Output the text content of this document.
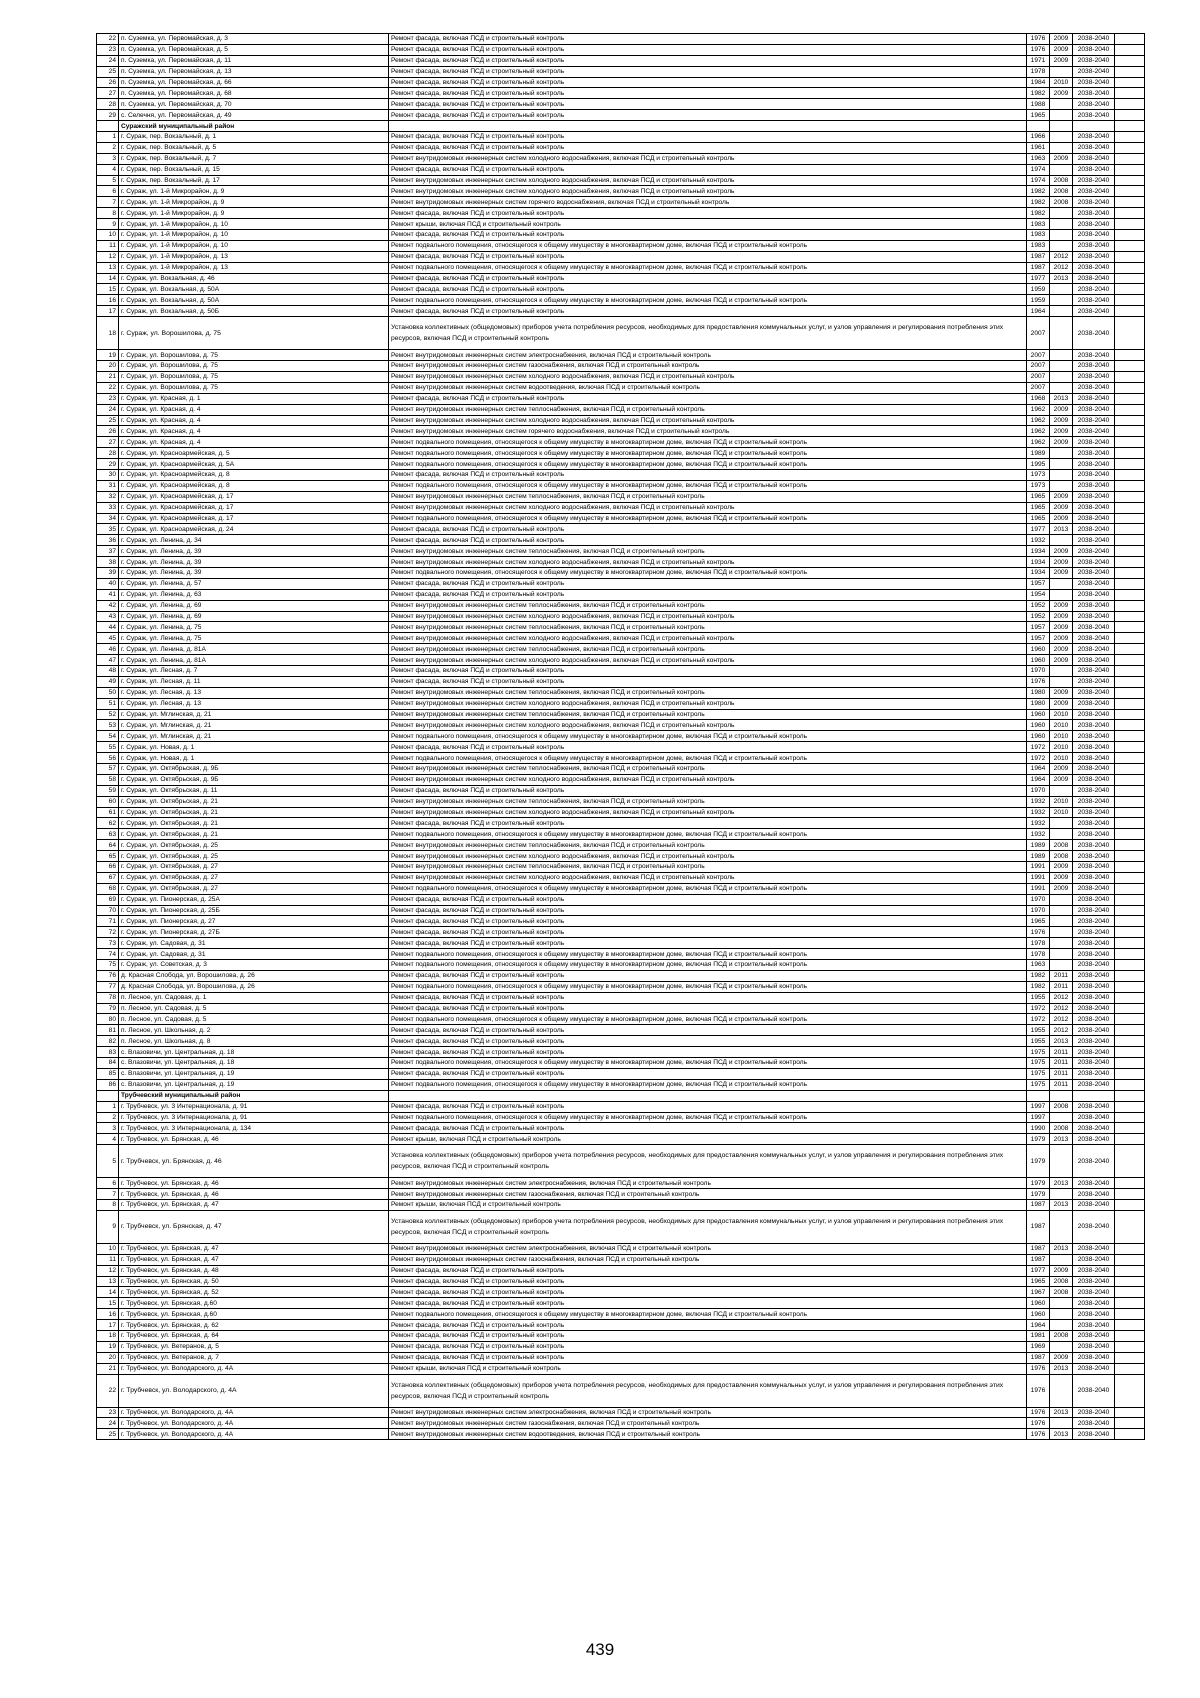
22	п. Суземка, ул. Первомайская, д. 3	Ремонт фасада, включая ПСД и строительный контроль	1976	2009	2038-2040	
23	п. Суземка, ул. Первомайская, д. 5	Ремонт фасада, включая ПСД и строительный контроль	1976	2009	2038-2040	
24	п. Суземка, ул. Первомайская, д. 11	Ремонт фасада, включая ПСД и строительный контроль	1971	2009	2038-2040	
25	п. Суземка, ул. Первомайская, д. 13	Ремонт фасада, включая ПСД и строительный контроль	1978		2038-2040	
26	п. Суземка, ул. Первомайская, д. 66	Ремонт фасада, включая ПСД и строительный контроль	1984	2010	2038-2040	
27	п. Суземка, ул. Первомайская, д. 68	Ремонт фасада, включая ПСД и строительный контроль	1982	2009	2038-2040	
28	п. Суземка, ул. Первомайская, д. 70	Ремонт фасада, включая ПСД и строительный контроль	1988		2038-2040	
29	с. Селечня, ул. Первомайская, д. 49	Ремонт фасада, включая ПСД и строительный контроль	1965		2038-2040	
	Суражский муниципальный район					
1	г. Сураж, пер. Вокзальный, д. 1	Ремонт фасада, включая ПСД и строительный контроль	1966		2038-2040	
2	г. Сураж, пер. Вокзальный, д. 5	Ремонт фасада, включая ПСД и строительный контроль	1961		2038-2040	
3	г. Сураж, пер. Вокзальный, д. 7	Ремонт внутридомовых инженерных систем холодного водоснабжения, включая ПСД и строительный контроль	1963	2009	2038-2040	
4	г. Сураж, пер. Вокзальный, д. 15	Ремонт фасада, включая ПСД и строительный контроль	1974		2038-2040	
5	г. Сураж, пер. Вокзальный, д. 17	Ремонт внутридомовых инженерных систем холодного водоснабжения, включая ПСД и строительный контроль	1974	2008	2038-2040	
6	г. Сураж, ул. 1-й Микрорайон, д. 9	Ремонт внутридомовых инженерных систем холодного водоснабжения, включая ПСД и строительный контроль	1982	2008	2038-2040	
7	г. Сураж, ул. 1-й Микрорайон, д. 9	Ремонт внутридомовых инженерных систем горячего водоснабжения, включая ПСД и строительный контроль	1982	2008	2038-2040	
8	г. Сураж, ул. 1-й Микрорайон, д. 9	Ремонт фасада, включая ПСД и строительный контроль	1982		2038-2040	
9	г. Сураж, ул. 1-й Микрорайон, д. 10	Ремонт крыши, включая ПСД и строительный контроль	1983		2038-2040	
10	г. Сураж, ул. 1-й Микрорайон, д. 10	Ремонт фасада, включая ПСД и строительный контроль	1983		2038-2040	
11	г. Сураж, ул. 1-й Микрорайон, д. 10	Ремонт подвального помещения, относящегося к общему имуществу в многоквартирном доме, включая ПСД и строительный контроль	1983		2038-2040	
12	г. Сураж, ул. 1-й Микрорайон, д. 13	Ремонт фасада, включая ПСД и строительный контроль	1987	2012	2038-2040	
13	г. Сураж, ул. 1-й Микрорайон, д. 13	Ремонт подвального помещения, относящегося к общему имуществу в многоквартирном доме, включая ПСД и строительный контроль	1987	2012	2038-2040	
14	г. Сураж, ул. Вокзальная, д. 46	Ремонт фасада, включая ПСД и строительный контроль	1977	2013	2038-2040	
15	г. Сураж, ул. Вокзальная, д. 50А	Ремонт фасада, включая ПСД и строительный контроль	1959		2038-2040	
16	г. Сураж, ул. Вокзальная, д. 50А	Ремонт подвального помещения, относящегося к общему имуществу в многоквартирном доме, включая ПСД и строительный контроль	1959		2038-2040	
17	г. Сураж, ул. Вокзальная, д. 50Б	Ремонт фасада, включая ПСД и строительный контроль	1964		2038-2040	
18	г. Сураж, ул. Ворошилова, д. 75	Установка коллективных (общедомовых) приборов учета потребления ресурсов, необходимых для предоставления коммунальных услуг, и узлов управления и регулирования потребления этих ресурсов, включая ПСД и строительный контроль	2007		2038-2040	
19	г. Сураж, ул. Ворошилова, д. 75	Ремонт внутридомовых инженерных систем электроснабжения, включая ПСД и строительный контроль	2007		2038-2040	
20	г. Сураж, ул. Ворошилова, д. 75	Ремонт внутридомовых инженерных систем газоснабжения, включая ПСД и строительный контроль	2007		2038-2040	
21	г. Сураж, ул. Ворошилова, д. 75	Ремонт внутридомовых инженерных систем холодного водоснабжения, включая ПСД и строительный контроль	2007		2038-2040	
22	г. Сураж, ул. Ворошилова, д. 75	Ремонт внутридомовых инженерных систем водоотведения, включая ПСД и строительный контроль	2007		2038-2040	
23	г. Сураж, ул. Красная, д. 1	Ремонт фасада, включая ПСД и строительный контроль	1968	2013	2038-2040	
24	г. Сураж, ул. Красная, д. 4	Ремонт внутридомовых инженерных систем теплоснабжения, включая ПСД и строительный контроль	1962	2009	2038-2040	
25	г. Сураж, ул. Красная, д. 4	Ремонт внутридомовых инженерных систем холодного водоснабжения, включая ПСД и строительный контроль	1962	2009	2038-2040	
26	г. Сураж, ул. Красная, д. 4	Ремонт внутридомовых инженерных систем горячего водоснабжения, включая ПСД и строительный контроль	1962	2009	2038-2040	
27	г. Сураж, ул. Красная, д. 4	Ремонт подвального помещения, относящегося к общему имуществу в многоквартирном доме, включая ПСД и строительный контроль	1962	2009	2038-2040	
28	г. Сураж, ул. Красноармейская, д. 5	Ремонт подвального помещения, относящегося к общему имуществу в многоквартирном доме, включая ПСД и строительный контроль	1989		2038-2040	
29	г. Сураж, ул. Красноармейская, д. 5А	Ремонт подвального помещения, относящегося к общему имуществу в многоквартирном доме, включая ПСД и строительный контроль	1995		2038-2040	
30	г. Сураж, ул. Красноармейская, д. 8	Ремонт фасада, включая ПСД и строительный контроль	1973		2038-2040	
31	г. Сураж, ул. Красноармейская, д. 8	Ремонт подвального помещения, относящегося к общему имуществу в многоквартирном доме, включая ПСД и строительный контроль	1973		2038-2040	
32	г. Сураж, ул. Красноармейская, д. 17	Ремонт внутридомовых инженерных систем теплоснабжения, включая ПСД и строительный контроль	1965	2009	2038-2040	
33	г. Сураж, ул. Красноармейская, д. 17	Ремонт внутридомовых инженерных систем холодного водоснабжения, включая ПСД и строительный контроль	1965	2009	2038-2040	
34	г. Сураж, ул. Красноармейская, д. 17	Ремонт подвального помещения, относящегося к общему имуществу в многоквартирном доме, включая ПСД и строительный контроль	1965	2009	2038-2040	
35	г. Сураж, ул. Красноармейская, д. 24	Ремонт фасада, включая ПСД и строительный контроль	1977	2013	2038-2040	
36	г. Сураж, ул. Ленина, д. 34	Ремонт фасада, включая ПСД и строительный контроль	1932		2038-2040	
37	г. Сураж, ул. Ленина, д. 39	Ремонт внутридомовых инженерных систем теплоснабжения, включая ПСД и строительный контроль	1934	2009	2038-2040	
38	г. Сураж, ул. Ленина, д. 39	Ремонт внутридомовых инженерных систем холодного водоснабжения, включая ПСД и строительный контроль	1934	2009	2038-2040	
39	г. Сураж, ул. Ленина, д. 39	Ремонт подвального помещения, относящегося к общему имуществу в многоквартирном доме, включая ПСД и строительный контроль	1934	2009	2038-2040	
40	г. Сураж, ул. Ленина, д. 57	Ремонт фасада, включая ПСД и строительный контроль	1957		2038-2040	
41	г. Сураж, ул. Ленина, д. 63	Ремонт фасада, включая ПСД и строительный контроль	1954		2038-2040	
42	г. Сураж, ул. Ленина, д. 69	Ремонт внутридомовых инженерных систем теплоснабжения, включая ПСД и строительный контроль	1952	2009	2038-2040	
43	г. Сураж, ул. Ленина, д. 69	Ремонт внутридомовых инженерных систем холодного водоснабжения, включая ПСД и строительный контроль	1952	2009	2038-2040	
44	г. Сураж, ул. Ленина, д. 75	Ремонт внутридомовых инженерных систем теплоснабжения, включая ПСД и строительный контроль	1957	2009	2038-2040	
45	г. Сураж, ул. Ленина, д. 75	Ремонт внутридомовых инженерных систем холодного водоснабжения, включая ПСД и строительный контроль	1957	2009	2038-2040	
46	г. Сураж, ул. Ленина, д. 81А	Ремонт внутридомовых инженерных систем теплоснабжения, включая ПСД и строительный контроль	1960	2009	2038-2040	
47	г. Сураж, ул. Ленина, д. 81А	Ремонт внутридомовых инженерных систем холодного водоснабжения, включая ПСД и строительный контроль	1960	2009	2038-2040	
48	г. Сураж, ул. Лесная, д. 7	Ремонт фасада, включая ПСД и строительный контроль	1970		2038-2040	
49	г. Сураж, ул. Лесная, д. 11	Ремонт фасада, включая ПСД и строительный контроль	1976		2038-2040	
50	г. Сураж, ул. Лесная, д. 13	Ремонт внутридомовых инженерных систем теплоснабжения, включая ПСД и строительный контроль	1980	2009	2038-2040	
51	г. Сураж, ул. Лесная, д. 13	Ремонт внутридомовых инженерных систем холодного водоснабжения, включая ПСД и строительный контроль	1980	2009	2038-2040	
52	г. Сураж, ул. Мглинская, д. 21	Ремонт внутридомовых инженерных систем теплоснабжения, включая ПСД и строительный контроль	1960	2010	2038-2040	
53	г. Сураж, ул. Мглинская, д. 21	Ремонт внутридомовых инженерных систем холодного водоснабжения, включая ПСД и строительный контроль	1960	2010	2038-2040	
54	г. Сураж, ул. Мглинская, д. 21	Ремонт подвального помещения, относящегося к общему имуществу в многоквартирном доме, включая ПСД и строительный контроль	1960	2010	2038-2040	
55	г. Сураж, ул. Новая, д. 1	Ремонт фасада, включая ПСД и строительный контроль	1972	2010	2038-2040	
56	г. Сураж, ул. Новая, д. 1	Ремонт подвального помещения, относящегося к общему имуществу в многоквартирном доме, включая ПСД и строительный контроль	1972	2010	2038-2040	
57	г. Сураж, ул. Октябрьская, д. 9Б	Ремонт внутридомовых инженерных систем теплоснабжения, включая ПСД и строительный контроль	1964	2009	2038-2040	
58	г. Сураж, ул. Октябрьская, д. 9Б	Ремонт внутридомовых инженерных систем холодного водоснабжения, включая ПСД и строительный контроль	1964	2009	2038-2040	
59	г. Сураж, ул. Октябрьская, д. 11	Ремонт фасада, включая ПСД и строительный контроль	1970		2038-2040	
60	г. Сураж, ул. Октябрьская, д. 21	Ремонт внутридомовых инженерных систем теплоснабжения, включая ПСД и строительный контроль	1932	2010	2038-2040	
61	г. Сураж, ул. Октябрьская, д. 21	Ремонт внутридомовых инженерных систем холодного водоснабжения, включая ПСД и строительный контроль	1932	2010	2038-2040	
62	г. Сураж, ул. Октябрьская, д. 21	Ремонт фасада, включая ПСД и строительный контроль	1932		2038-2040	
63	г. Сураж, ул. Октябрьская, д. 21	Ремонт подвального помещения, относящегося к общему имуществу в многоквартирном доме, включая ПСД и строительный контроль	1932		2038-2040	
64	г. Сураж, ул. Октябрьская, д. 25	Ремонт внутридомовых инженерных систем теплоснабжения, включая ПСД и строительный контроль	1989	2008	2038-2040	
65	г. Сураж, ул. Октябрьская, д. 25	Ремонт внутридомовых инженерных систем холодного водоснабжения, включая ПСД и строительный контроль	1989	2008	2038-2040	
66	г. Сураж, ул. Октябрьская, д. 27	Ремонт внутридомовых инженерных систем теплоснабжения, включая ПСД и строительный контроль	1991	2009	2038-2040	
67	г. Сураж, ул. Октябрьская, д. 27	Ремонт внутридомовых инженерных систем холодного водоснабжения, включая ПСД и строительный контроль	1991	2009	2038-2040	
68	г. Сураж, ул. Октябрьская, д. 27	Ремонт подвального помещения, относящегося к общему имуществу в многоквартирном доме, включая ПСД и строительный контроль	1991	2009	2038-2040	
69	г. Сураж, ул. Пионерская, д. 25А	Ремонт фасада, включая ПСД и строительный контроль	1970		2038-2040	
70	г. Сураж, ул. Пионерская, д. 25Б	Ремонт фасада, включая ПСД и строительный контроль	1970		2038-2040	
71	г. Сураж, ул. Пионерская, д. 27	Ремонт фасада, включая ПСД и строительный контроль	1965		2038-2040	
72	г. Сураж, ул. Пионерская, д. 27Б	Ремонт фасада, включая ПСД и строительный контроль	1976		2038-2040	
73	г. Сураж, ул. Садовая, д. 31	Ремонт фасада, включая ПСД и строительный контроль	1978		2038-2040	
74	г. Сураж, ул. Садовая, д. 31	Ремонт подвального помещения, относящегося к общему имуществу в многоквартирном доме, включая ПСД и строительный контроль	1978		2038-2040	
75	г. Сураж, ул. Советская, д. 3	Ремонт подвального помещения, относящегося к общему имуществу в многоквартирном доме, включая ПСД и строительный контроль	1963		2038-2040	
76	д. Красная Слобода, ул. Ворошилова, д. 26	Ремонт фасада, включая ПСД и строительный контроль	1982	2011	2038-2040	
77	д. Красная Слобода, ул. Ворошилова, д. 26	Ремонт подвального помещения, относящегося к общему имуществу в многоквартирном доме, включая ПСД и строительный контроль	1982	2011	2038-2040	
78	п. Лесное, ул. Садовая, д. 1	Ремонт фасада, включая ПСД и строительный контроль	1955	2012	2038-2040	
79	п. Лесное, ул. Садовая, д. 5	Ремонт фасада, включая ПСД и строительный контроль	1972	2012	2038-2040	
80	п. Лесное, ул. Садовая, д. 5	Ремонт подвального помещения, относящегося к общему имуществу в многоквартирном доме, включая ПСД и строительный контроль	1972	2012	2038-2040	
81	п. Лесное, ул. Школьная, д. 2	Ремонт фасада, включая ПСД и строительный контроль	1955	2012	2038-2040	
82	п. Лесное, ул. Школьная, д. 8	Ремонт фасада, включая ПСД и строительный контроль	1955	2013	2038-2040	
83	с. Влазовичи, ул. Центральная, д. 18	Ремонт фасада, включая ПСД и строительный контроль	1975	2011	2038-2040	
84	с. Влазовичи, ул. Центральная, д. 18	Ремонт подвального помещения, относящегося к общему имуществу в многоквартирном доме, включая ПСД и строительный контроль	1975	2011	2038-2040	
85	с. Влазовичи, ул. Центральная, д. 19	Ремонт фасада, включая ПСД и строительный контроль	1975	2011	2038-2040	
86	с. Влазовичи, ул. Центральная, д. 19	Ремонт подвального помещения, относящегося к общему имуществу в многоквартирном доме, включая ПСД и строительный контроль	1975	2011	2038-2040	
	Трубчевский муниципальный район					
1	г. Трубчевск, ул. 3 Интернационала, д. 91	Ремонт фасада, включая ПСД и строительный контроль	1997	2008	2038-2040	
2	г. Трубчевск, ул. 3 Интернационала, д. 91	Ремонт подвального помещения, относящегося к общему имуществу в многоквартирном доме, включая ПСД и строительный контроль	1997		2038-2040	
3	г. Трубчевск, ул. 3 Интернационала, д. 134	Ремонт фасада, включая ПСД и строительный контроль	1990	2008	2038-2040	
4	г. Трубчевск, ул. Брянская, д. 46	Ремонт крыши, включая ПСД и строительный контроль	1979	2013	2038-2040	
5	г. Трубчевск, ул. Брянская, д. 46	Установка коллективных (общедомовых) приборов учета потребления ресурсов, необходимых для предоставления коммунальных услуг, и узлов управления и регулирования потребления этих ресурсов, включая ПСД и строительный контроль	1979		2038-2040	
6	г. Трубчевск, ул. Брянская, д. 46	Ремонт внутридомовых инженерных систем электроснабжения, включая ПСД и строительный контроль	1979	2013	2038-2040	
7	г. Трубчевск, ул. Брянская, д. 46	Ремонт внутридомовых инженерных систем газоснабжения, включая ПСД и строительный контроль	1979		2038-2040	
8	г. Трубчевск, ул. Брянская, д. 47	Ремонт крыши, включая ПСД и строительный контроль	1987	2013	2038-2040	
9	г. Трубчевск, ул. Брянская, д. 47	Установка коллективных (общедомовых) приборов учета потребления ресурсов, необходимых для предоставления коммунальных услуг, и узлов управления и регулирования потребления этих ресурсов, включая ПСД и строительный контроль	1987		2038-2040	
10	г. Трубчевск, ул. Брянская, д. 47	Ремонт внутридомовых инженерных систем электроснабжения, включая ПСД и строительный контроль	1987	2013	2038-2040	
11	г. Трубчевск, ул. Брянская, д. 47	Ремонт внутридомовых инженерных систем газоснабжения, включая ПСД и строительный контроль	1987		2038-2040	
12	г. Трубчевск, ул. Брянская, д. 48	Ремонт фасада, включая ПСД и строительный контроль	1977	2009	2038-2040	
13	г. Трубчевск, ул. Брянская, д. 50	Ремонт фасада, включая ПСД и строительный контроль	1965	2008	2038-2040	
14	г. Трубчевск, ул. Брянская, д. 52	Ремонт фасада, включая ПСД и строительный контроль	1967	2008	2038-2040	
15	г. Трубчевск, ул. Брянская, д.60	Ремонт фасада, включая ПСД и строительный контроль	1960		2038-2040	
16	г. Трубчевск, ул. Брянская, д.60	Ремонт подвального помещения, относящегося к общему имуществу в многоквартирном доме, включая ПСД и строительный контроль	1960		2038-2040	
17	г. Трубчевск, ул. Брянская, д. 62	Ремонт фасада, включая ПСД и строительный контроль	1964		2038-2040	
18	г. Трубчевск, ул. Брянская, д. 64	Ремонт фасада, включая ПСД и строительный контроль	1981	2008	2038-2040	
19	г. Трубчевск, ул. Ветеранов, д. 5	Ремонт фасада, включая ПСД и строительный контроль	1969		2038-2040	
20	г. Трубчевск, ул. Ветеранов, д. 7	Ремонт фасада, включая ПСД и строительный контроль	1987	2009	2038-2040	
21	г. Трубчевск, ул. Володарского, д. 4А	Ремонт крыши, включая ПСД и строительный контроль	1976	2013	2038-2040	
22	г. Трубчевск, ул. Володарского, д. 4А	Установка коллективных (общедомовых) приборов учета потребления ресурсов, необходимых для предоставления коммунальных услуг, и узлов управления и регулирования потребления этих ресурсов, включая ПСД и строительный контроль	1976		2038-2040	
23	г. Трубчевск, ул. Володарского, д. 4А	Ремонт внутридомовых инженерных систем электроснабжения, включая ПСД и строительный контроль	1976	2013	2038-2040	
24	г. Трубчевск, ул. Володарского, д. 4А	Ремонт внутридомовых инженерных систем газоснабжения, включая ПСД и строительный контроль	1976		2038-2040	
25	г. Трубчевск, ул. Володарского, д. 4А	Ремонт внутридомовых инженерных систем водоотведения, включая ПСД и строительный контроль	1976	2013	2038-2040	
439
